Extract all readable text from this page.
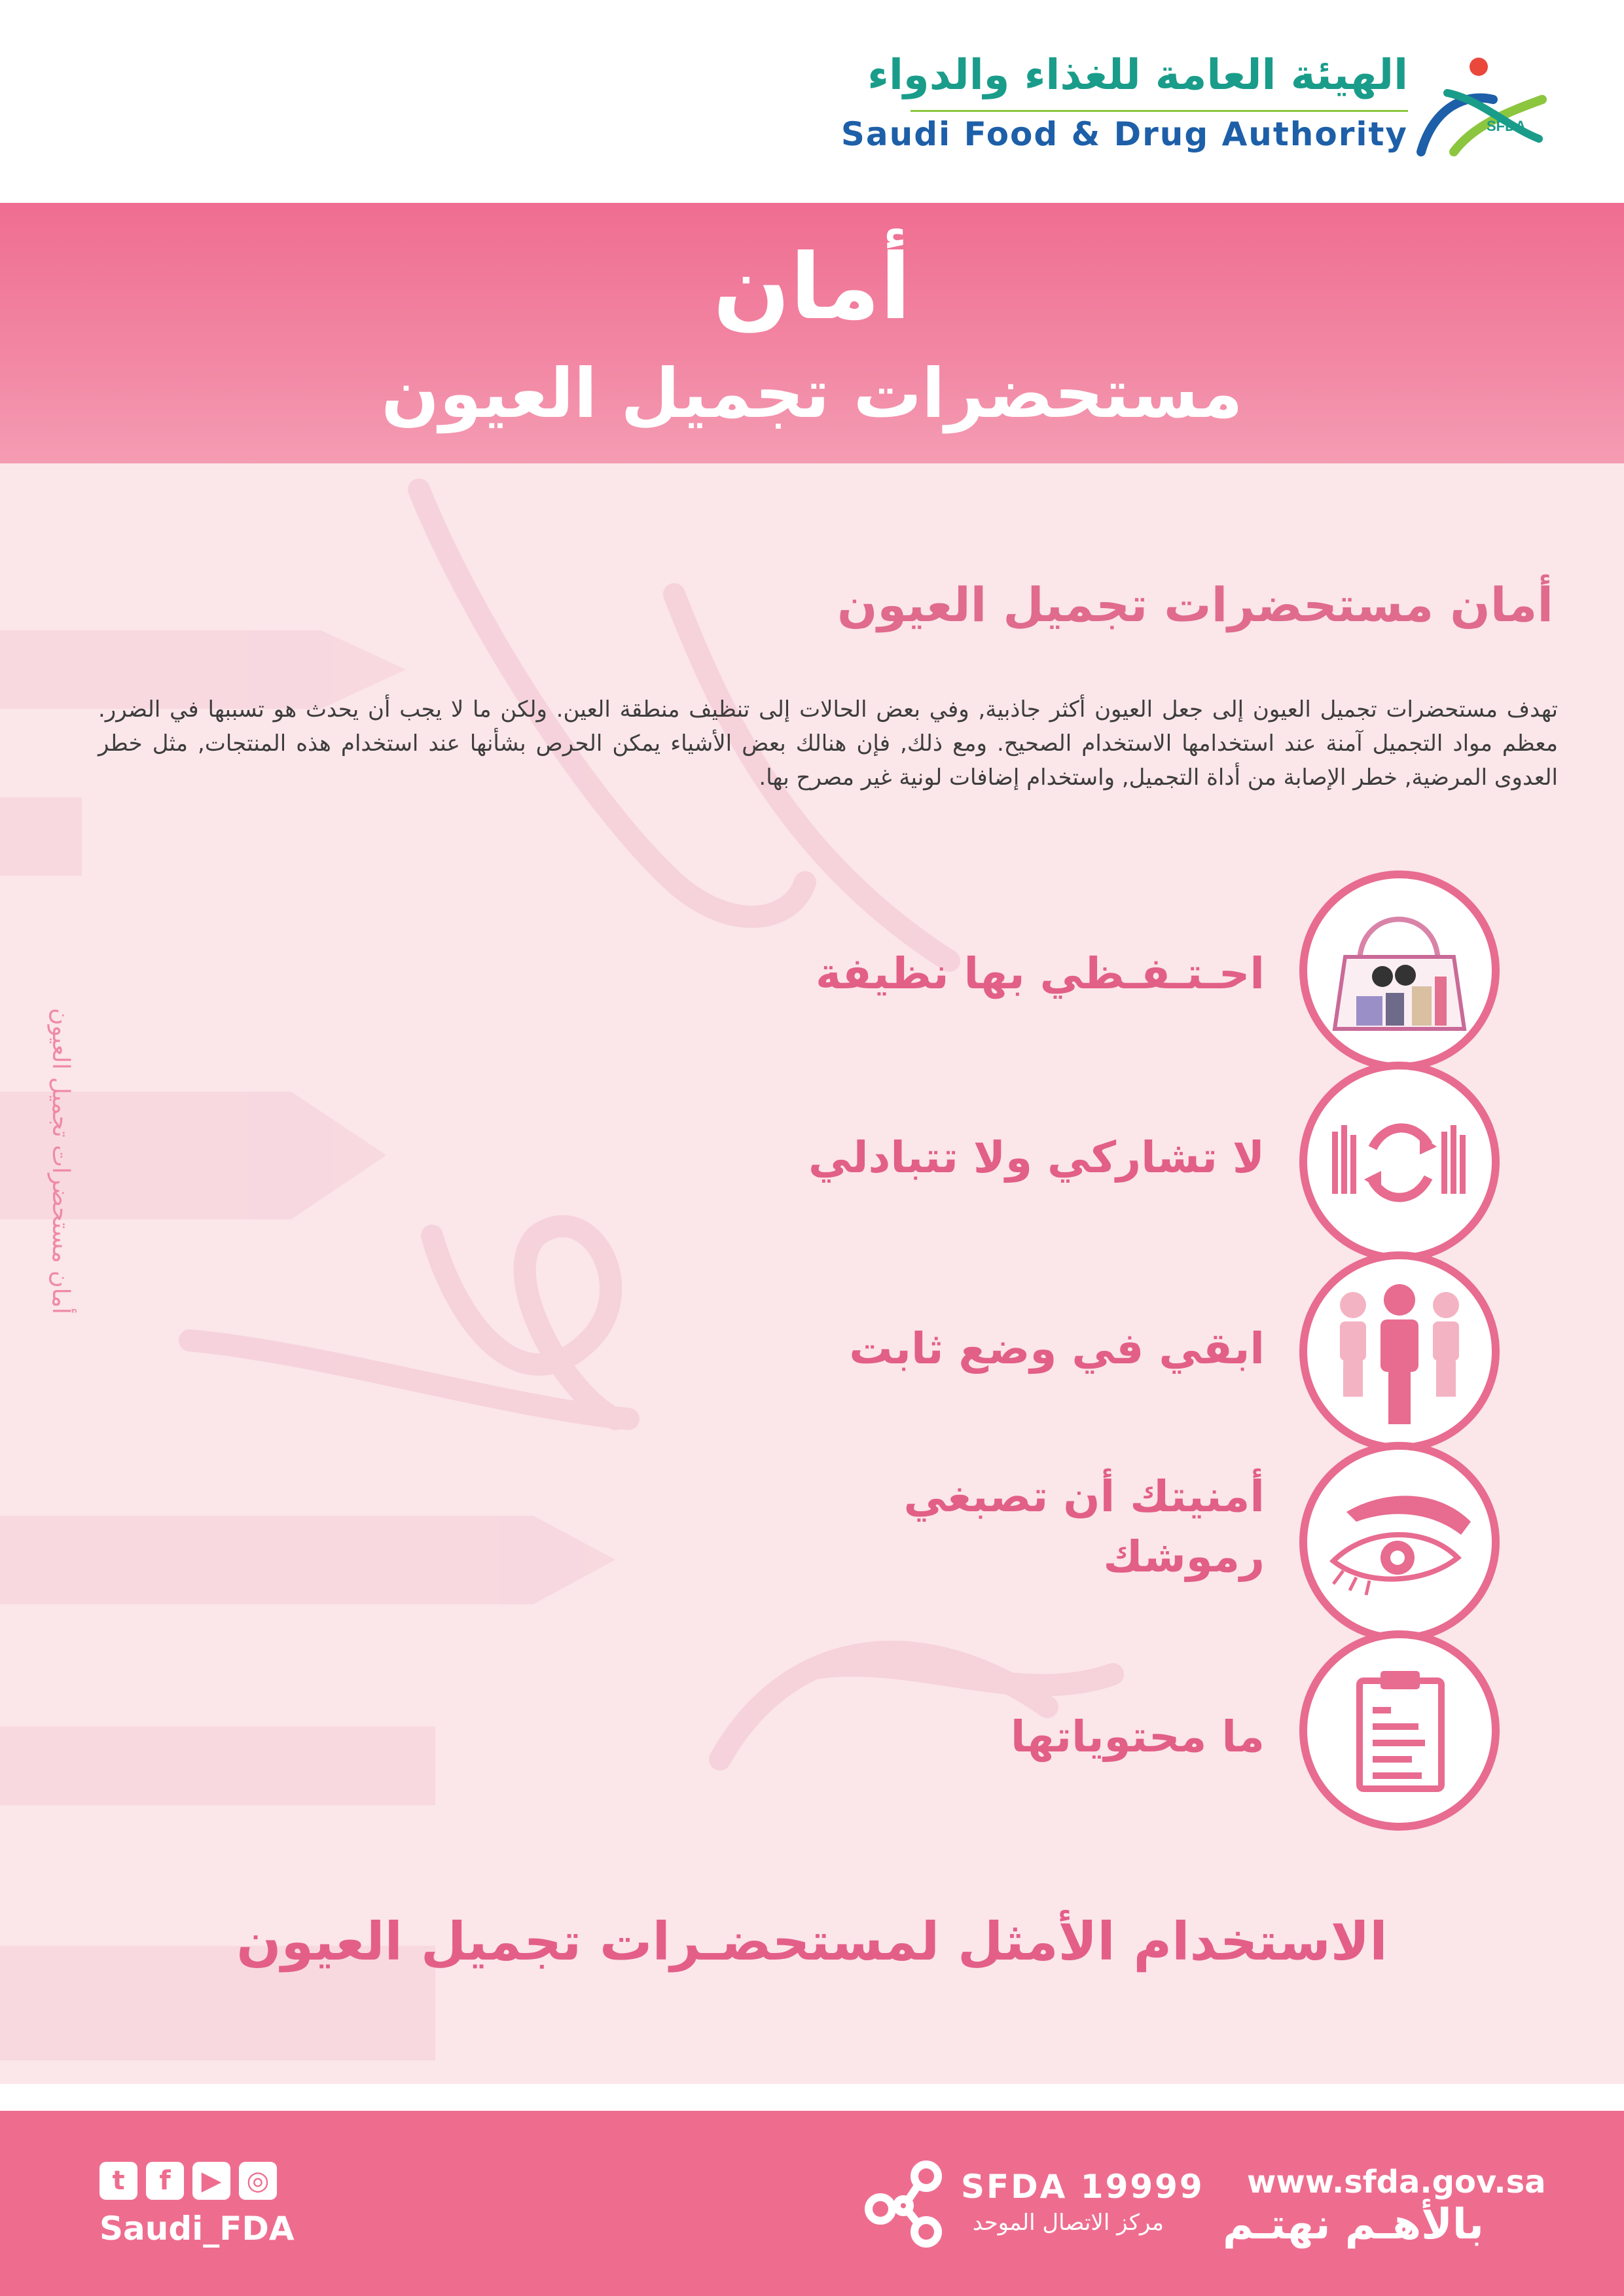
الهيئة العامة للغذاء والدواء
Saudi Food & Drug Authority	SFDA
أمان
مستحضرات تجميل العيون
أمان مستحضرات تجميل العيون
تهدف مستحضرات تجميل العيون إلى جعل العيون أكثر جاذبية, وفي بعض الحالات إلى تنظيف منطقة العين. ولكن ما لا يجب أن يحدث هو تسببها في الضرر. معظم مواد التجميل آمنة عند استخدامها الاستخدام الصحيح. ومع ذلك, فإن هنالك بعض الأشياء يمكن الحرص بشأنها عند استخدام هذه المنتجات, مثل خطر العدوى المرضية, خطر الإصابة من أداة التجميل, واستخدام إضافات لونية غير مصرح بها.
أمان مستحضرات تجميل العيون
احـتـفـظي بها نظيفة
لا تشاركي ولا تتبادلي
ابقي في وضع ثابت
أمنيتك أن تصبغي
رموشك
ما محتوياتها
الاستخدام الأمثل لمستحضـرات تجميل العيون
t	f	▶ ◎
Saudi_FDA
SFDA 19999
مركز الاتصال الموحد
www.sfda.gov.sa
بالأهـم نهتـم
